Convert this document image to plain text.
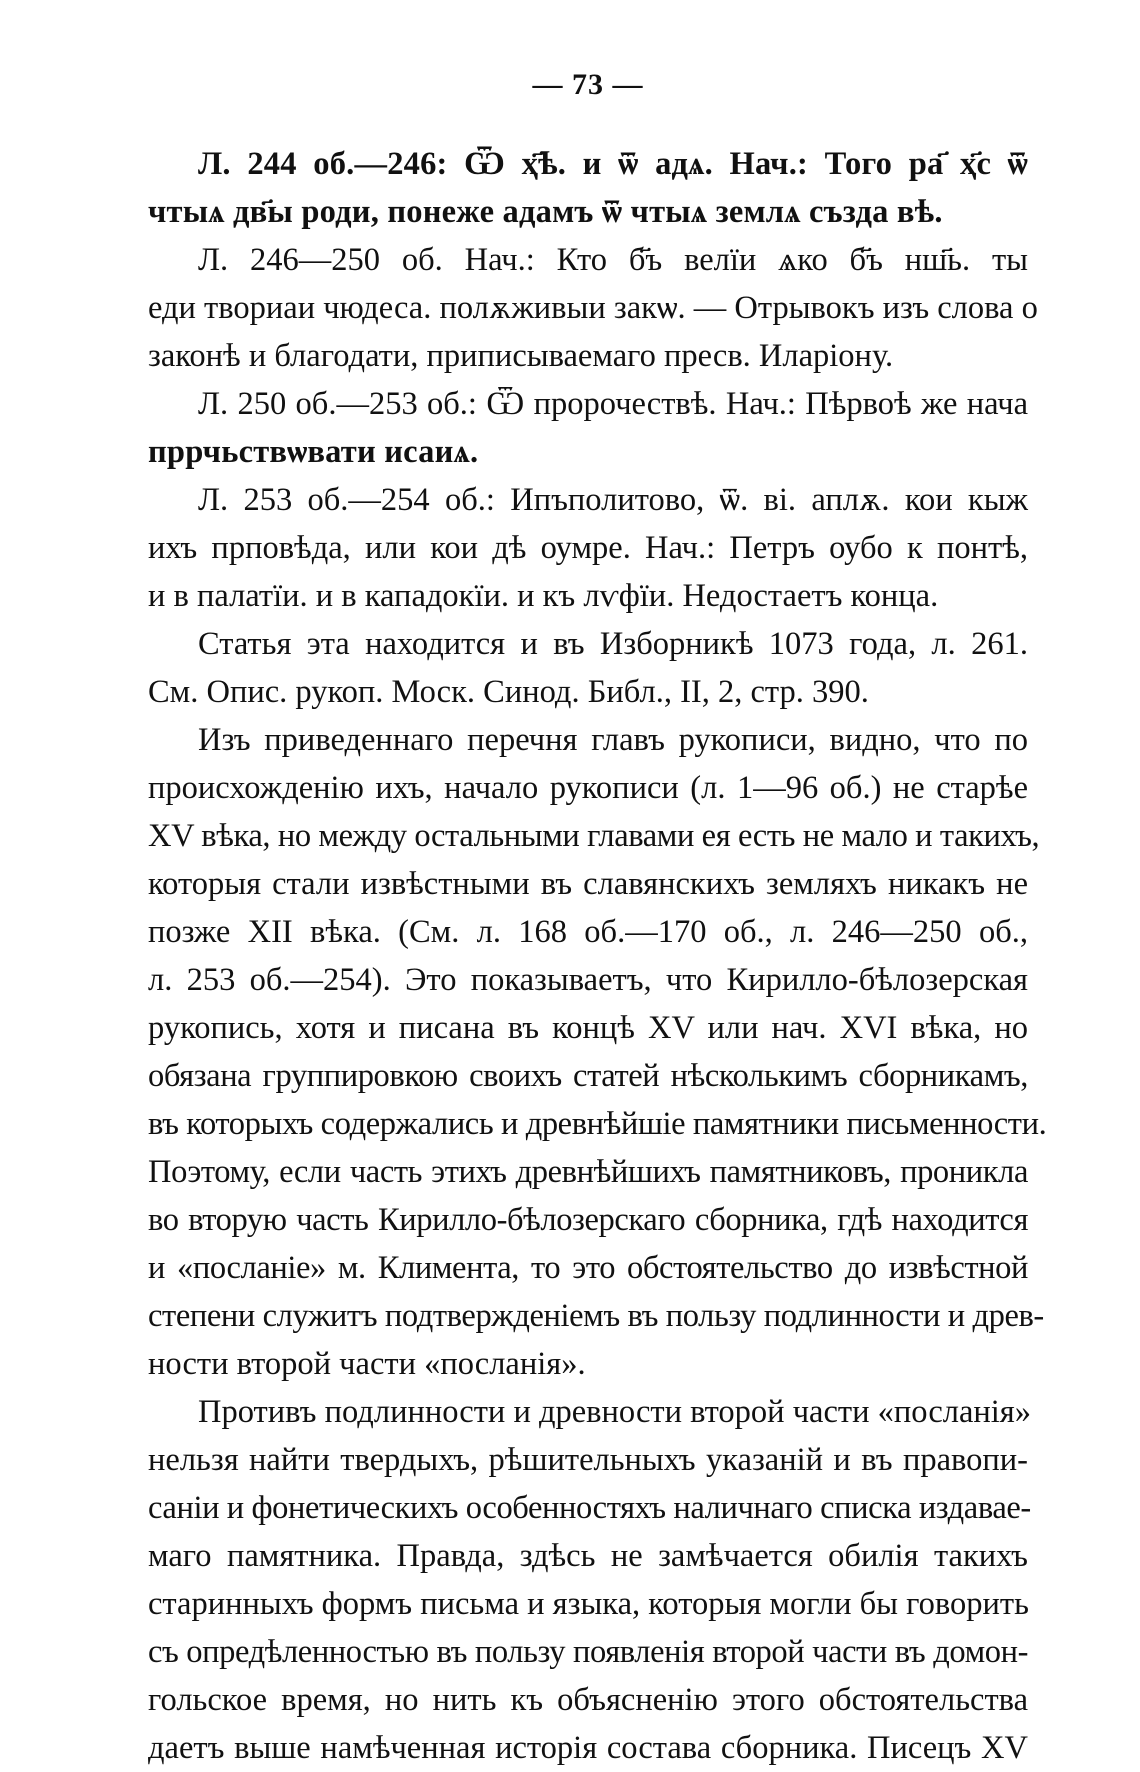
— 73 —
Л. 244 об.—246: Ѿ ҳ҃ѣ. и ѿ адѧ. Нач.: Того ра҃ ҳ҃с ѿ
чтыѧ дв҃ы роди, понеже адамъ ѿ чтыѧ землѧ създа вѣ.
Л. 246—250 об. Нач.: Кто б҃ъ велїи ѧко б҃ъ нш҃ь. ты
еди твориаи чюдеса. полѫживыи закѡ. — Отрывокъ изъ слова о
законѣ и благодати, приписываемаго пресв. Иларіону.
Л. 250 об.—253 об.: Ѿ пророчествѣ. Нач.: Пѣрвоѣ же нача
пррчьствѡвати исаиѧ.
Л. 253 об.—254 об.: Ипъполитово, ѿ. ві. аплѫ. кои кыж
ихъ прповѣда, или кои дѣ оумре. Нач.: Петръ оубо к понтѣ,
и в палатїи. и в кападокїи. и къ лѵфїи. Недостаетъ конца.
Статья эта находится и въ Изборникѣ 1073 года, л. 261.
См. Опис. рукоп. Моск. Синод. Библ., II, 2, стр. 390.
Изъ приведеннаго перечня главъ рукописи, видно, что по
происхожденію ихъ, начало рукописи (л. 1—96 об.) не старѣе
XV вѣка, но между остальными главами ея есть не мало и такихъ,
которыя стали извѣстными въ славянскихъ земляхъ никакъ не
позже XII вѣка. (См. л. 168 об.—170 об., л. 246—250 об.,
л. 253 об.—254). Это показываетъ, что Кирилло-бѣлозерская
рукопись, хотя и писана въ концѣ XV или нач. XVI вѣка, но
обязана группировкою своихъ статей нѣсколькимъ сборникамъ,
въ которыхъ содержались и древнѣйшіе памятники письменности.
Поэтому, если часть этихъ древнѣйшихъ памятниковъ, проникла
во вторую часть Кирилло-бѣлозерскаго сборника, гдѣ находится
и «посланіе» м. Климента, то это обстоятельство до извѣстной
степени служитъ подтвержденіемъ въ пользу подлинности и древ-
ности второй части «посланія».
Противъ подлинности и древности второй части «посланія»
нельзя найти твердыхъ, рѣшительныхъ указаній и въ правопи-
саніи и фонетическихъ особенностяхъ наличнаго списка издавае-
маго памятника. Правда, здѣсь не замѣчается обилія такихъ
старинныхъ формъ письма и языка, которыя могли бы говорить
съ опредѣленностью въ пользу появленія второй части въ домон-
гольское время, но нить къ объясненію этого обстоятельства
даетъ выше намѣченная исторія состава сборника. Писецъ XV
